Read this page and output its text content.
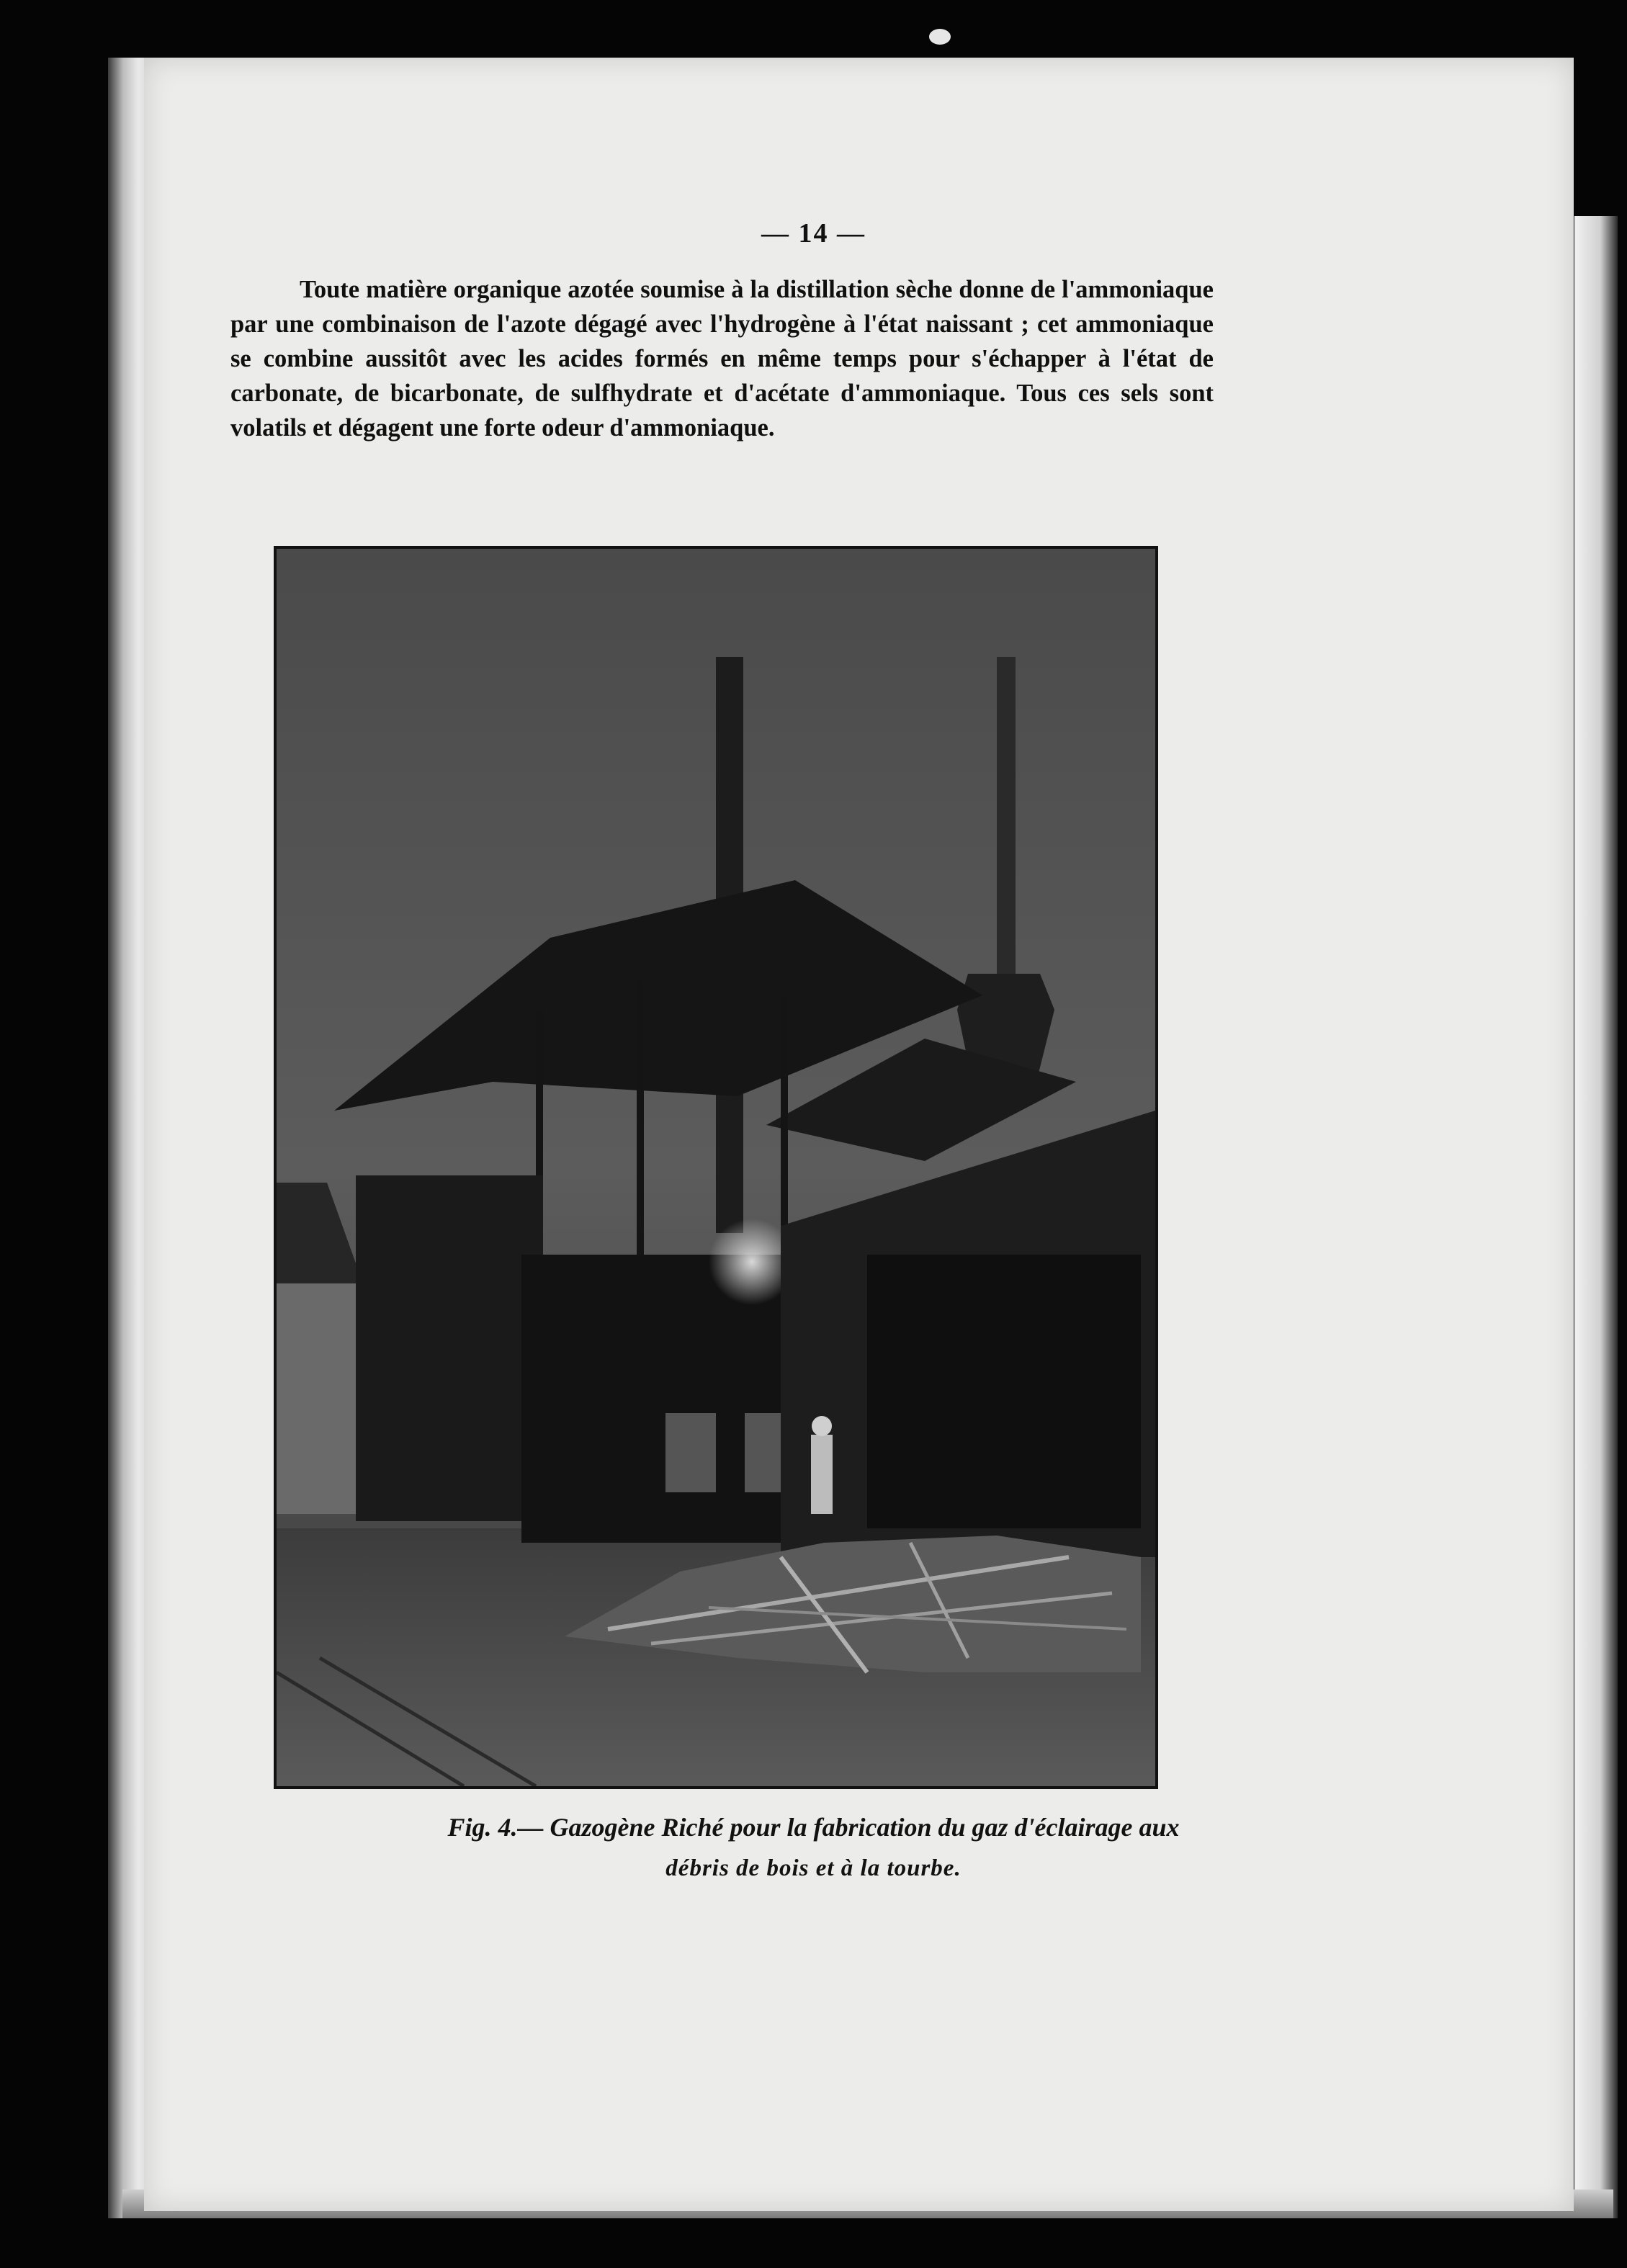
— 14 —
Toute matière organique azotée soumise à la distillation sèche donne de l'ammoniaque par une combinaison de l'azote dégagé avec l'hydrogène à l'état naissant ; cet ammoniaque se combine aussitôt avec les acides formés en même temps pour s'échapper à l'état de carbonate, de bicarbonate, de sulfhydrate et d'acétate d'ammoniaque. Tous ces sels sont volatils et dégagent une forte odeur d'ammoniaque.
Fig. 4.— Gazogène Riché pour la fabrication du gaz d'éclairage aux
débris de bois et à la tourbe.
